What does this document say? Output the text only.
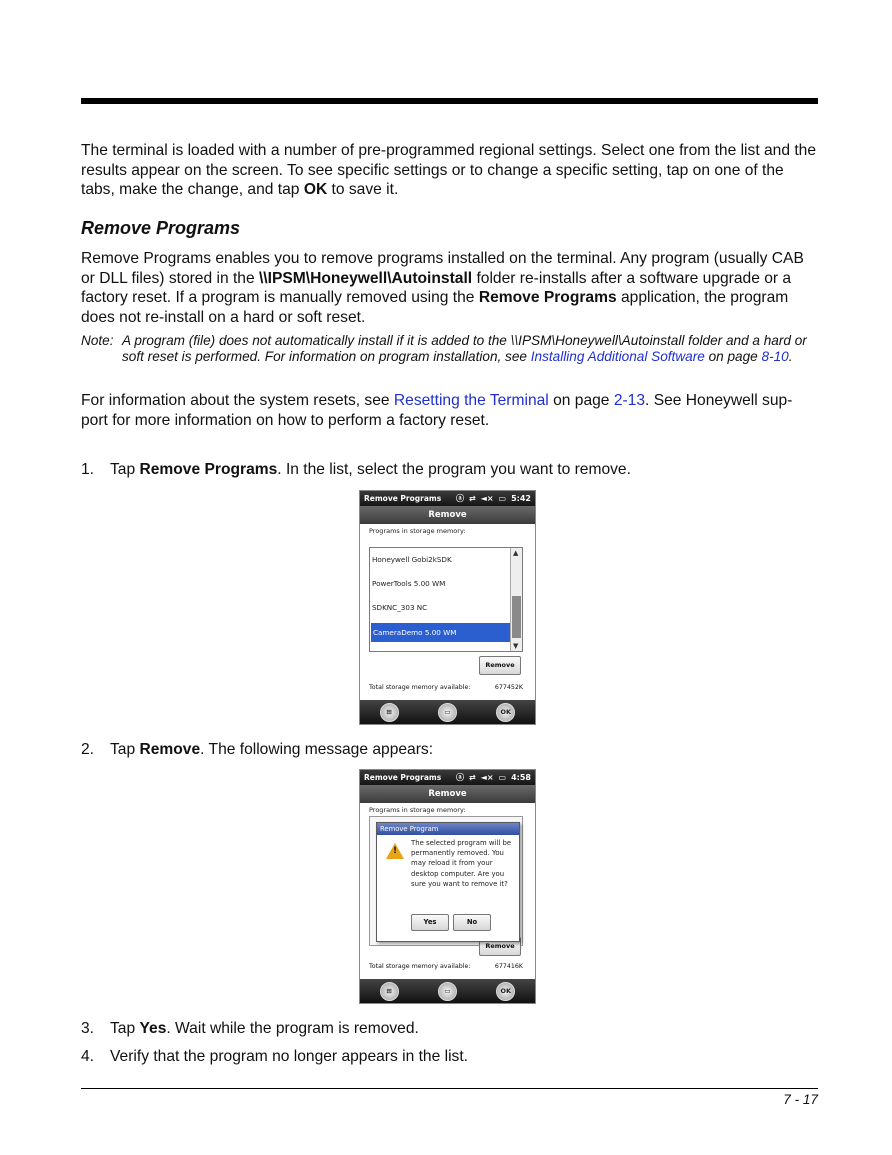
The terminal is loaded with a number of pre-programmed regional settings. Select one from the list and the results appear on the screen. To see specific settings or to change a specific setting, tap on one of the tabs, make the change, and tap OK to save it.

Remove Programs

Remove Programs enables you to remove programs installed on the terminal. Any program (usually CAB or DLL files) stored in the \\IPSM\Honeywell\Autoinstall folder re-installs after a software upgrade or a factory reset. If a program is manually removed using the Remove Programs application, the program does not re-install on a hard or soft reset.

Note: A program (file) does not automatically install if it is added to the \\IPSM\Honeywell\Autoinstall folder and a hard or soft reset is performed. For information on program installation, see Installing Additional Software on page 8-10.

For information about the system resets, see Resetting the Terminal on page 2-13. See Honeywell sup-port for more information on how to perform a factory reset.

1. Tap Remove Programs. In the list, select the program you want to remove.
Remove Programs	ⓐ ⇄ ◄× ▭ 5:42
Remove
Programs in storage memory:
Honeywell Gobi2kSDK
PowerTools 5.00 WM
SDKNC_303 NC
CameraDemo 5.00 WM
▲
▼
Remove
Total storage memory available:	677452K
⊞	▭	OK
2. Tap Remove. The following message appears:
Remove Programs	ⓐ ⇄ ◄× ▭ 4:58
Remove
Programs in storage memory:
Remove
Remove Program
!
The selected program will be permanently removed. You may reload it from your desktop computer. Are you sure you want to remove it?
Yes	No
Total storage memory available:	677416K
⊞	▭	OK
3. Tap Yes. Wait while the program is removed.
4. Verify that the program no longer appears in the list.
7 - 17
